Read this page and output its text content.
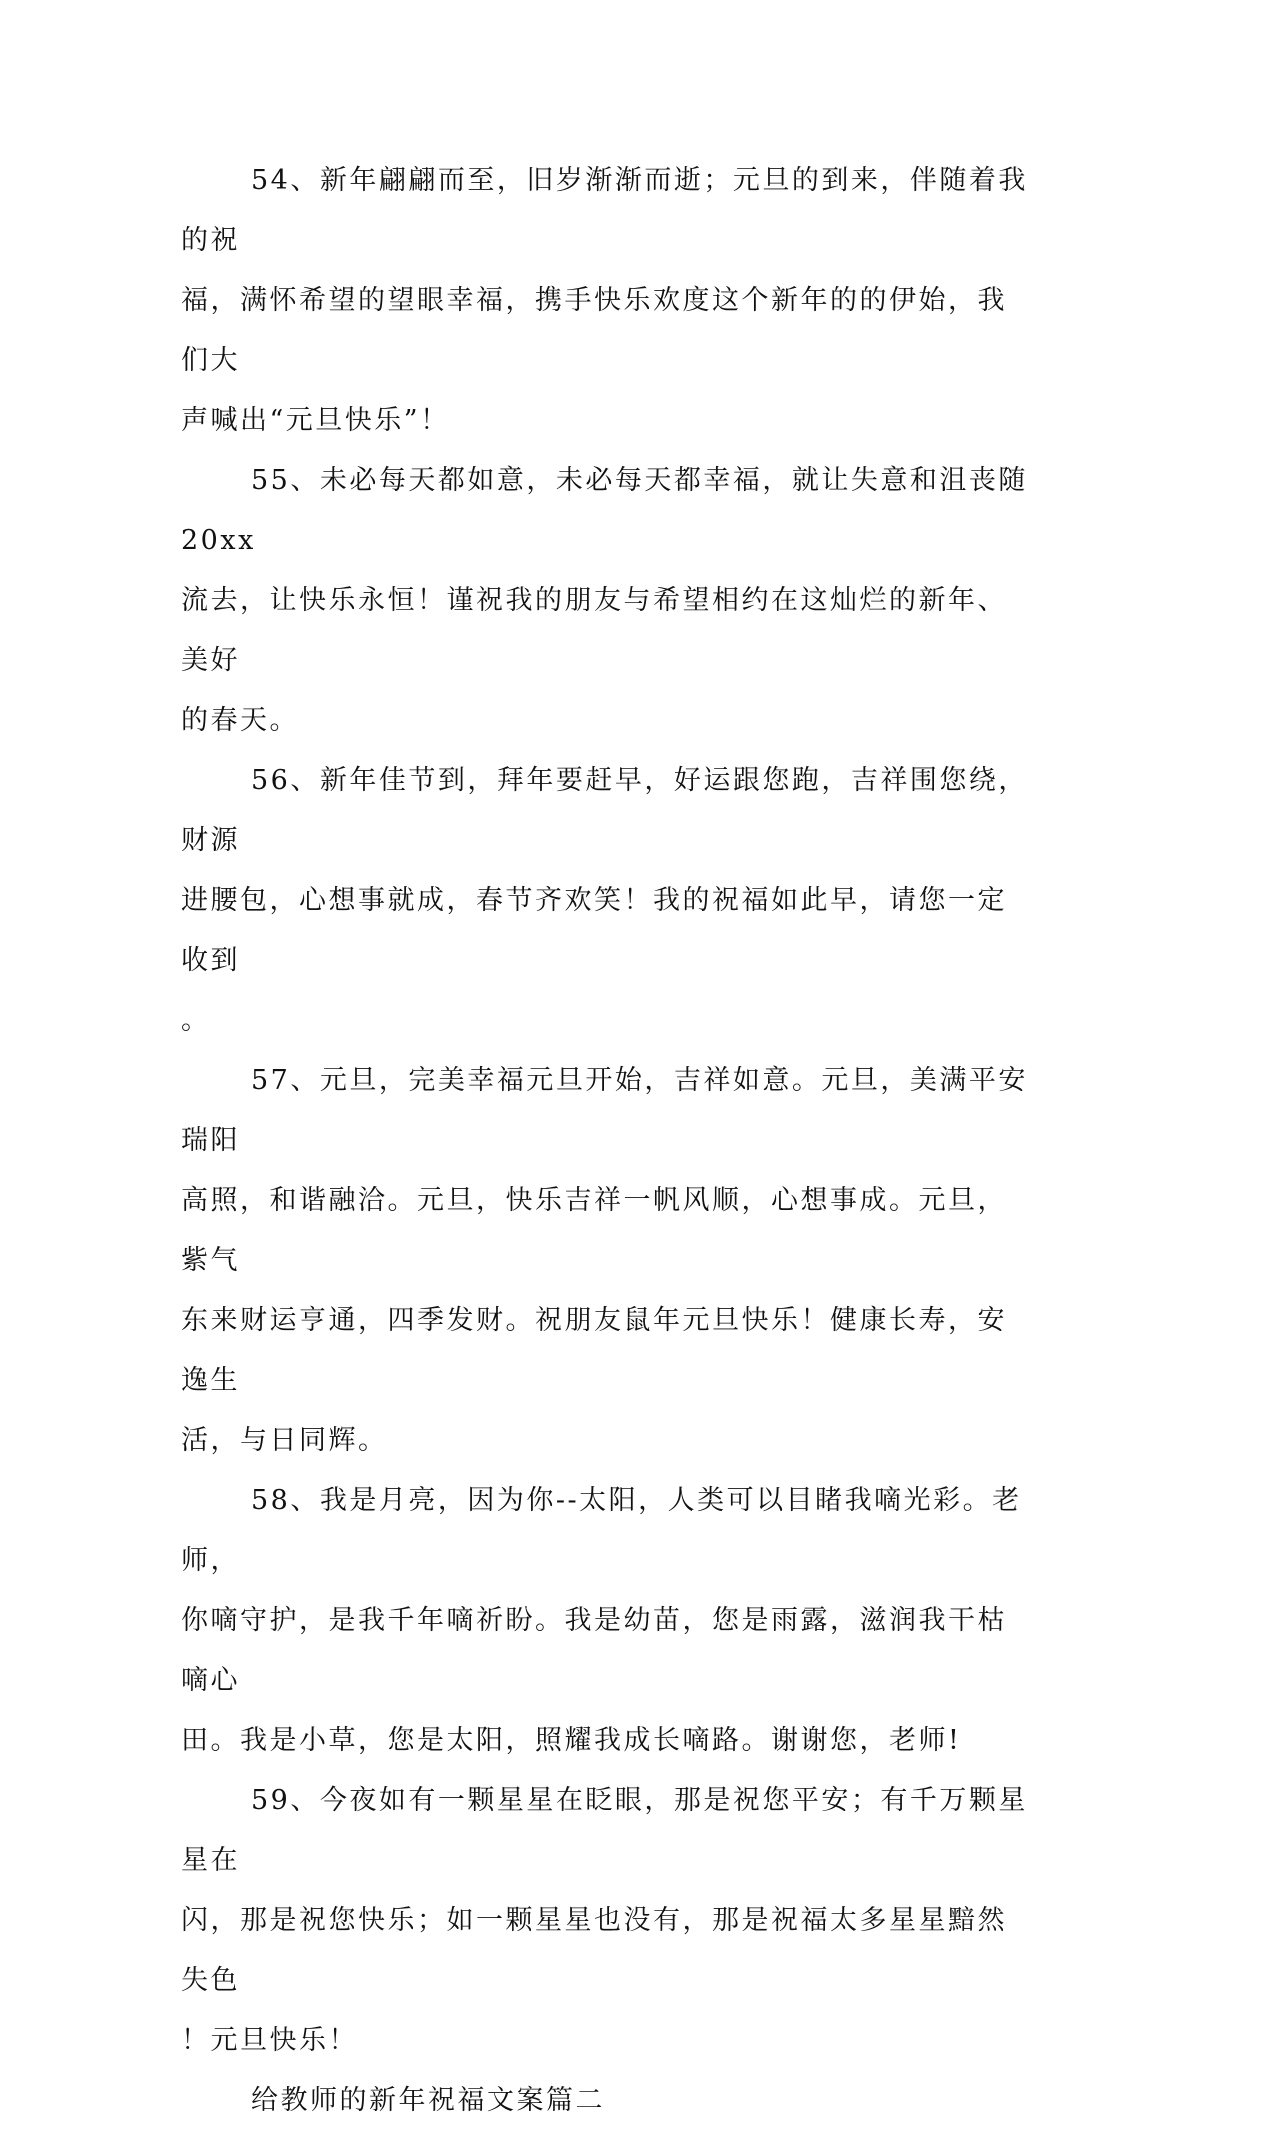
54、新年翩翩而至，旧岁渐渐而逝；元旦的到来，伴随着我的祝
福，满怀希望的望眼幸福，携手快乐欢度这个新年的的伊始，我们大
声喊出“元旦快乐”！

55、未必每天都如意，未必每天都幸福，就让失意和沮丧随 20xx
流去，让快乐永恒！谨祝我的朋友与希望相约在这灿烂的新年、美好
的春天。

56、新年佳节到，拜年要赶早，好运跟您跑，吉祥围您绕，财源
进腰包，心想事就成，春节齐欢笑！我的祝福如此早，请您一定收到
。

57、元旦，完美幸福元旦开始，吉祥如意。元旦，美满平安瑞阳
高照，和谐融洽。元旦，快乐吉祥一帆风顺，心想事成。元旦，紫气
东来财运亨通，四季发财。祝朋友鼠年元旦快乐！健康长寿，安逸生
活，与日同辉。

58、我是月亮，因为你--太阳，人类可以目睹我嘀光彩。老师，
你嘀守护，是我千年嘀祈盼。我是幼苗，您是雨露，滋润我干枯嘀心
田。我是小草，您是太阳，照耀我成长嘀路。谢谢您，老师!

59、今夜如有一颗星星在眨眼，那是祝您平安；有千万颗星星在
闪，那是祝您快乐；如一颗星星也没有，那是祝福太多星星黯然失色
！元旦快乐！

给教师的新年祝福文案篇二
